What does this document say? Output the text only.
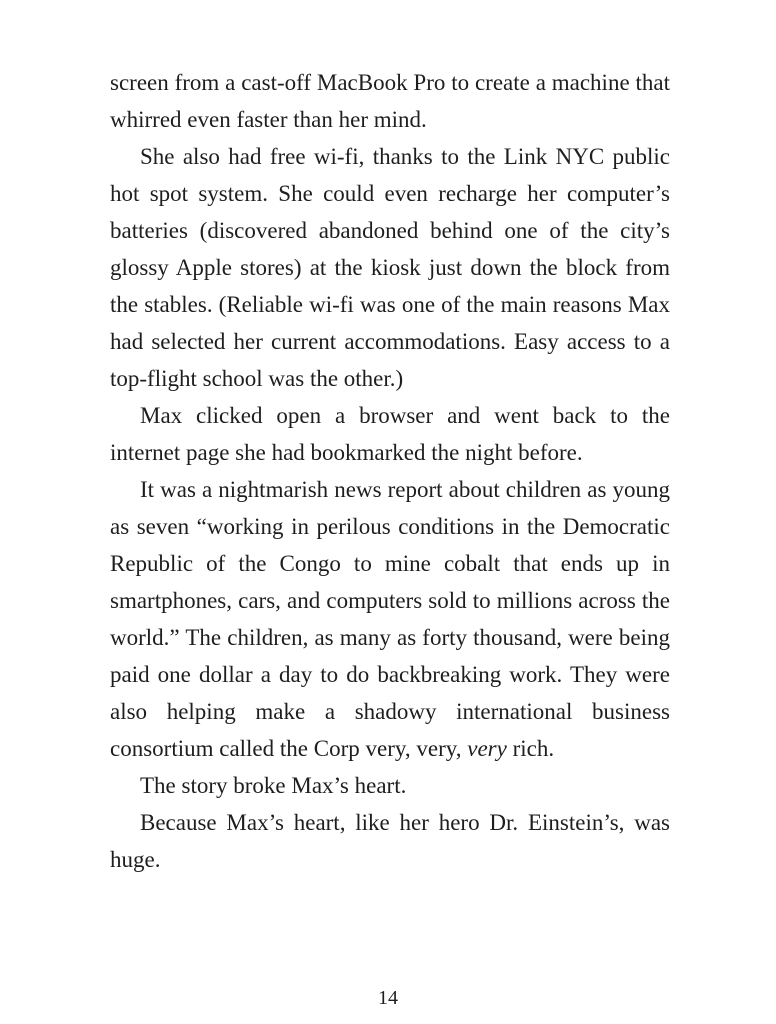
screen from a cast-off MacBook Pro to create a machine that whirred even faster than her mind.

She also had free wi-fi, thanks to the Link NYC public hot spot system. She could even recharge her computer’s batteries (discovered abandoned behind one of the city’s glossy Apple stores) at the kiosk just down the block from the stables. (Reliable wi-fi was one of the main reasons Max had selected her current accommodations. Easy access to a top-flight school was the other.)

Max clicked open a browser and went back to the internet page she had bookmarked the night before.

It was a nightmarish news report about children as young as seven “working in perilous conditions in the Democratic Republic of the Congo to mine cobalt that ends up in smartphones, cars, and computers sold to millions across the world.” The children, as many as forty thousand, were being paid one dollar a day to do backbreaking work. They were also helping make a shadowy international business consortium called the Corp very, very, very rich.

The story broke Max’s heart.

Because Max’s heart, like her hero Dr. Einstein’s, was huge.

14
